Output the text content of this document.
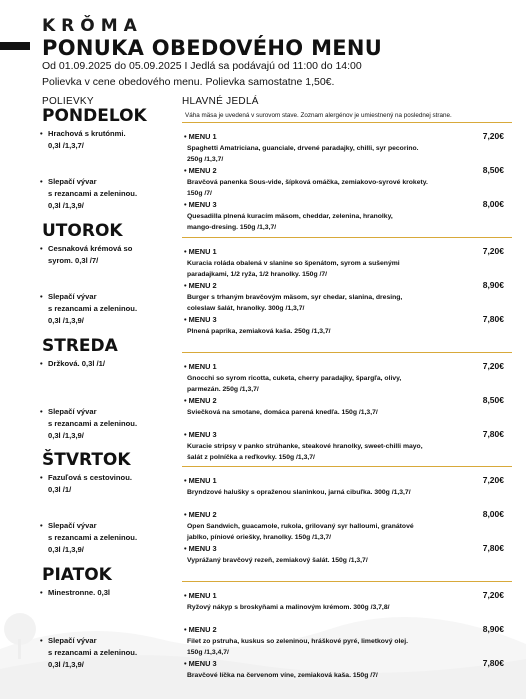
KRǑMA
PONUKA OBEDOVÉHO MENU
Od 01.09.2025 do 05.09.2025 I Jedlá sa podávajú od 11:00 do 14:00
Polievka v cene obedového menu. Polievka samostatne 1,50€.
POLIEVKY	HLAVNÉ JEDLÁ
Váha mäsa je uvedená v surovom stave. Zoznam alergénov je umiestnený na poslednej strane.
PONDELOK
• Hrachová s krutónmi.
0,3l /1,3,7/
• Slepačí vývar
s rezancami a zeleninou.
0,3l /1,3,9/
• MENU 1	7,20€
Spaghetti Amatriciana, guanciale, drvené paradajky, chilli, syr pecorino.
250g /1,3,7/
• MENU 2	8,50€
Bravčová panenka Sous-vide, šípková omáčka, zemiakovo-syrové krokety.
150g /7/
• MENU 3	8,00€
Quesadilla plnená kuracím mäsom, cheddar, zelenina, hranolky,
mango-dresing. 150g /1,3,7/
UTOROK
• Cesnaková krémová so
syrom. 0,3l /7/
• Slepačí vývar
s rezancami a zeleninou.
0,3l /1,3,9/
• MENU 1	7,20€
Kuracia roláda obalená v slanine so špenátom, syrom a sušenými
paradajkami, 1/2 ryža, 1/2 hranolky. 150g /7/
• MENU 2	8,90€
Burger s trhaným bravčovým mäsom, syr chedar, slanina, dresing,
coleslaw šalát, hranolky. 300g /1,3,7/
• MENU 3	7,80€
Plnená paprika, zemiaková kaša. 250g /1,3,7/
STREDA
• Držková. 0,3l /1/
• Slepačí vývar
s rezancami a zeleninou.
0,3l /1,3,9/
• MENU 1	7,20€
Gnocchi so syrom ricotta, cuketa, cherry paradajky, špargľa, olivy,
parmezán. 250g /1,3,7/
• MENU 2	8,50€
Sviečková na smotane, domáca parená knedľa. 150g /1,3,7/
• MENU 3	7,80€
Kuracie stripsy v panko strúhanke, steakové hranolky, sweet-chilli mayo,
šalát z polníčka a reďkovky. 150g /1,3,7/
ŠTVRTOK
• Fazuľová s cestovinou.
0,3l /1/
• Slepačí vývar
s rezancami a zeleninou.
0,3l /1,3,9/
• MENU 1	7,20€
Bryndzové halušky s opraženou slaninkou, jarná cibuľka. 300g /1,3,7/
• MENU 2	8,00€
Open Sandwich, guacamole, rukola, grilovaný syr halloumi, granátové
jablko, píniové oriešky, hranolky. 150g /1,3,7/
• MENU 3	7,80€
Vyprážaný bravčový rezeň, zemiakový šalát. 150g /1,3,7/
PIATOK
• Minestronne. 0,3l
• Slepačí vývar
s rezancami a zeleninou.
0,3l /1,3,9/
• MENU 1	7,20€
Ryžový nákyp s broskyňami a malinovým krémom. 300g /3,7,8/
• MENU 2	8,90€
Filet zo pstruha, kuskus so zeleninou, hráškové pyré, limetkový olej.
150g /1,3,4,7/
• MENU 3	7,80€
Bravčové líčka na červenom víne, zemiaková kaša. 150g /7/
